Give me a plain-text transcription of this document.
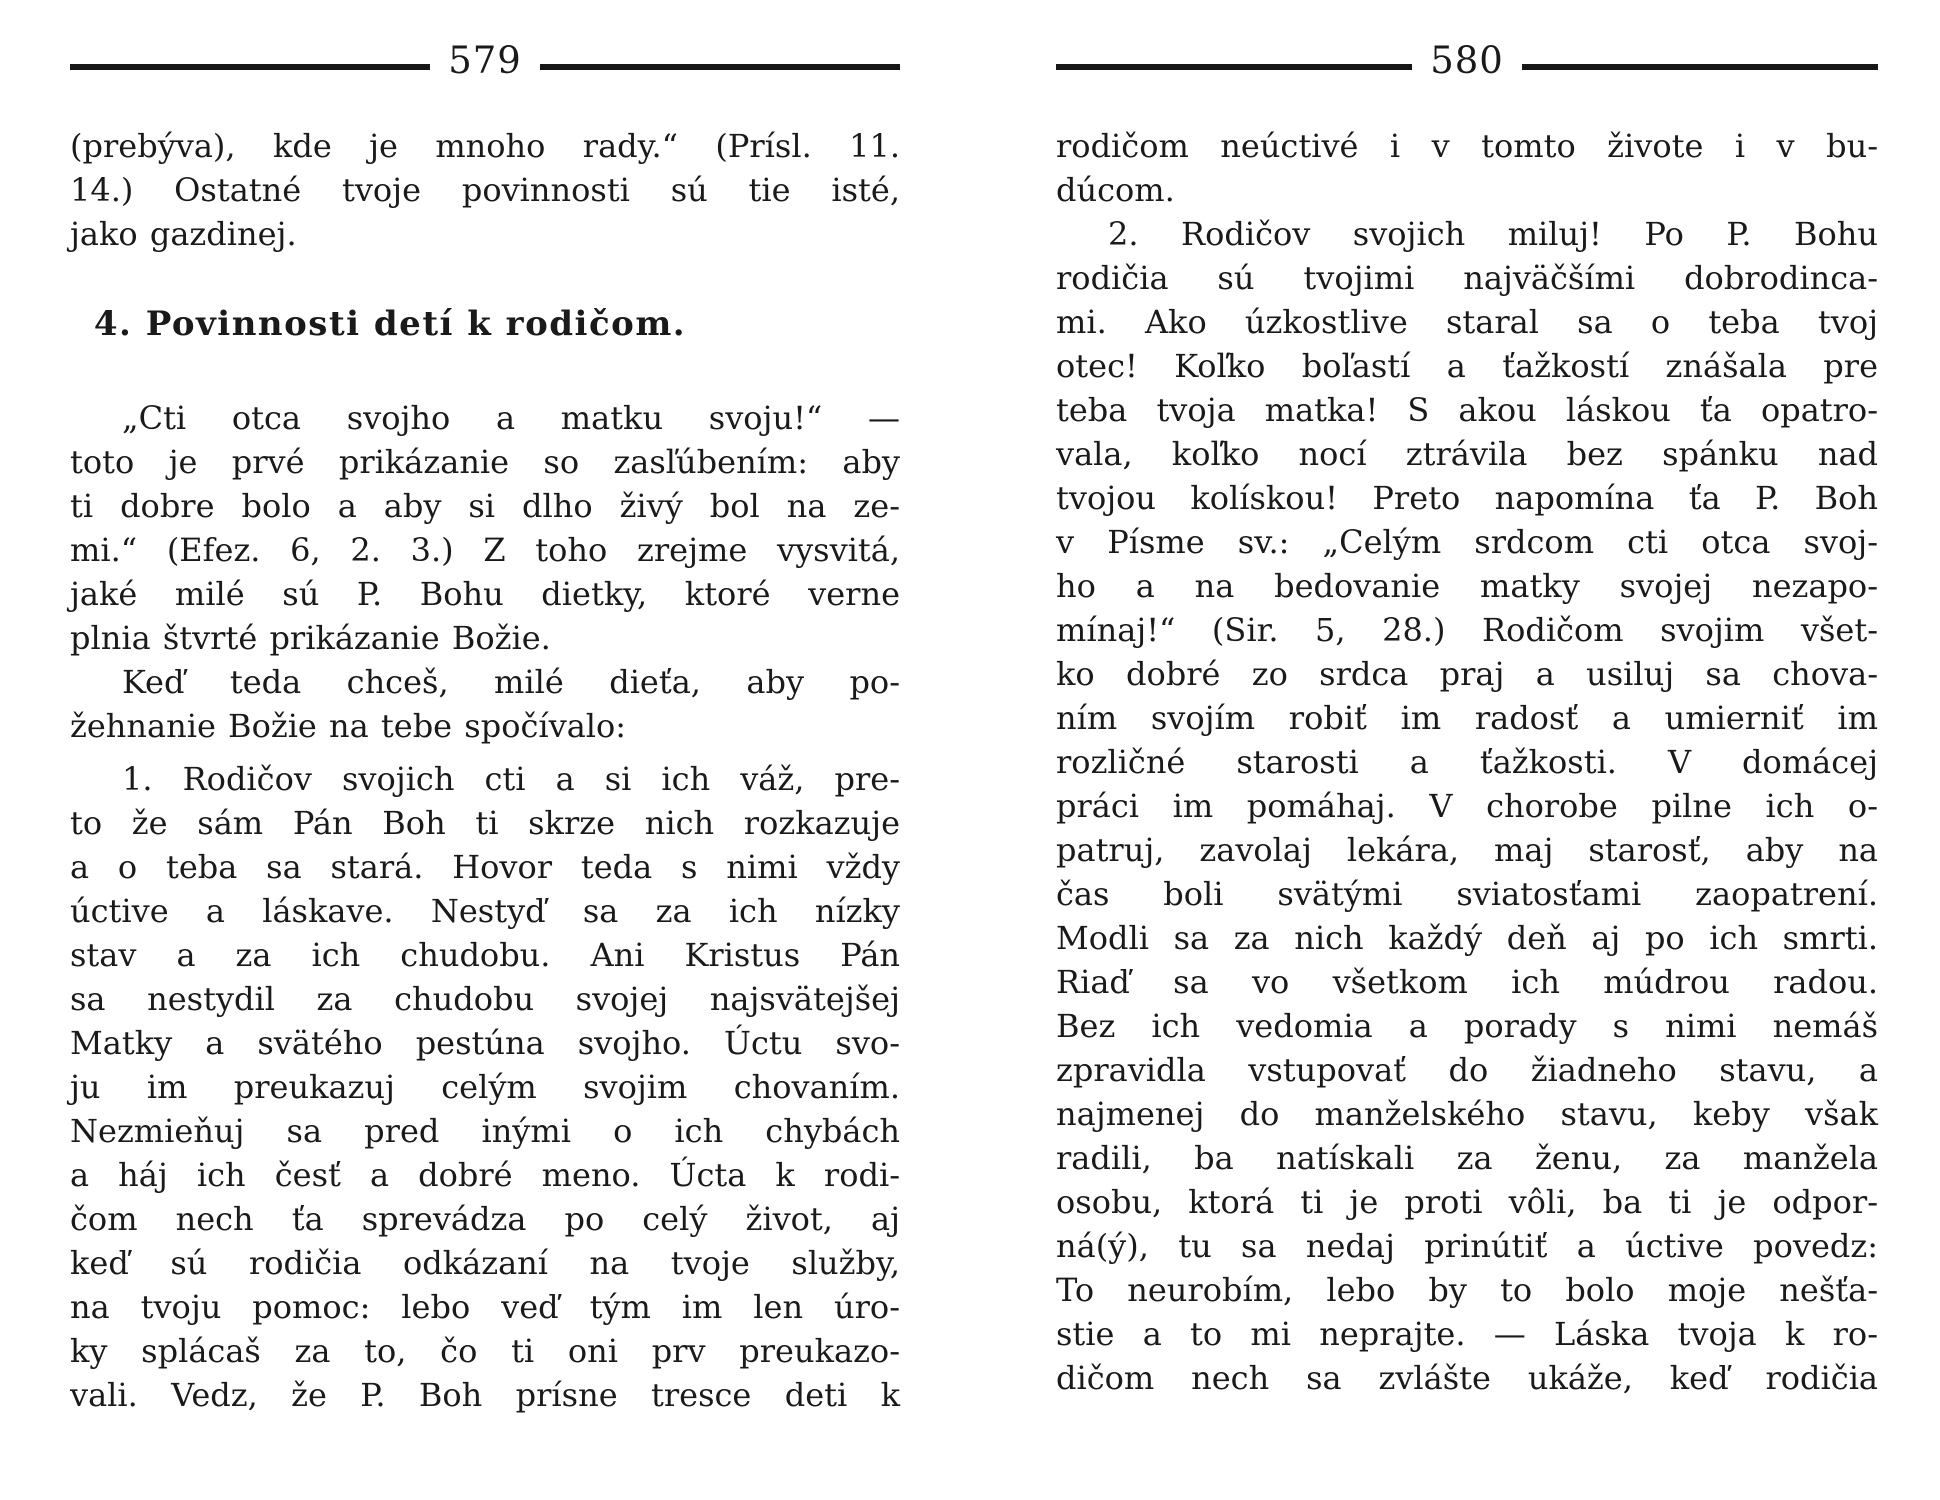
579
(prebýva), kde je mnoho rady.“ (Prísl. 11.
14.) Ostatné tvoje povinnosti sú tie isté,
jako gazdinej.
4. Povinnosti detí k rodičom.
„Cti otca svojho a matku svoju!“ —
toto je prvé prikázanie so zasľúbením: aby
ti dobre bolo a aby si dlho živý bol na ze-
mi.“ (Efez. 6, 2. 3.) Z toho zrejme vysvitá,
jaké milé sú P. Bohu dietky, ktoré verne
plnia štvrté prikázanie Božie.
Keď teda chceš, milé dieťa, aby po-
žehnanie Božie na tebe spočívalo:
1. Rodičov svojich cti a si ich váž, pre-
to že sám Pán Boh ti skrze nich rozkazuje
a o teba sa stará. Hovor teda s nimi vždy
úctive a láskave. Nestyď sa za ich nízky
stav a za ich chudobu. Ani Kristus Pán
sa nestydil za chudobu svojej najsvätejšej
Matky a svätého pestúna svojho. Úctu svo-
ju im preukazuj celým svojim chovaním.
Nezmieňuj sa pred inými o ich chybách
a háj ich česť a dobré meno. Úcta k rodi-
čom nech ťa sprevádza po celý život, aj
keď sú rodičia odkázaní na tvoje služby,
na tvoju pomoc: lebo veď tým im len úro-
ky splácaš za to, čo ti oni prv preukazo-
vali. Vedz, že P. Boh prísne tresce deti k
580
rodičom neúctivé i v tomto živote i v bu-
dúcom.
2. Rodičov svojich miluj! Po P. Bohu
rodičia sú tvojimi najväčšími dobrodinca-
mi. Ako úzkostlive staral sa o teba tvoj
otec! Koľko boľastí a ťažkostí znášala pre
teba tvoja matka! S akou láskou ťa opatro-
vala, koľko nocí ztrávila bez spánku nad
tvojou kolískou! Preto napomína ťa P. Boh
v Písme sv.: „Celým srdcom cti otca svoj-
ho a na bedovanie matky svojej nezapo-
mínaj!“ (Sir. 5, 28.) Rodičom svojim všet-
ko dobré zo srdca praj a usiluj sa chova-
ním svojím robiť im radosť a umierniť im
rozličné starosti a ťažkosti. V domácej
práci im pomáhaj. V chorobe pilne ich o-
patruj, zavolaj lekára, maj starosť, aby na
čas boli svätými sviatosťami zaopatrení.
Modli sa za nich každý deň aj po ich smrti.
Riaď sa vo všetkom ich múdrou radou.
Bez ich vedomia a porady s nimi nemáš
zpravidla vstupovať do žiadneho stavu, a
najmenej do manželského stavu, keby však
radili, ba natískali za ženu, za manžela
osobu, ktorá ti je proti vôli, ba ti je odpor-
ná(ý), tu sa nedaj prinútiť a úctive povedz:
To neurobím, lebo by to bolo moje nešťa-
stie a to mi neprajte. — Láska tvoja k ro-
dičom nech sa zvlášte ukáže, keď rodičia
